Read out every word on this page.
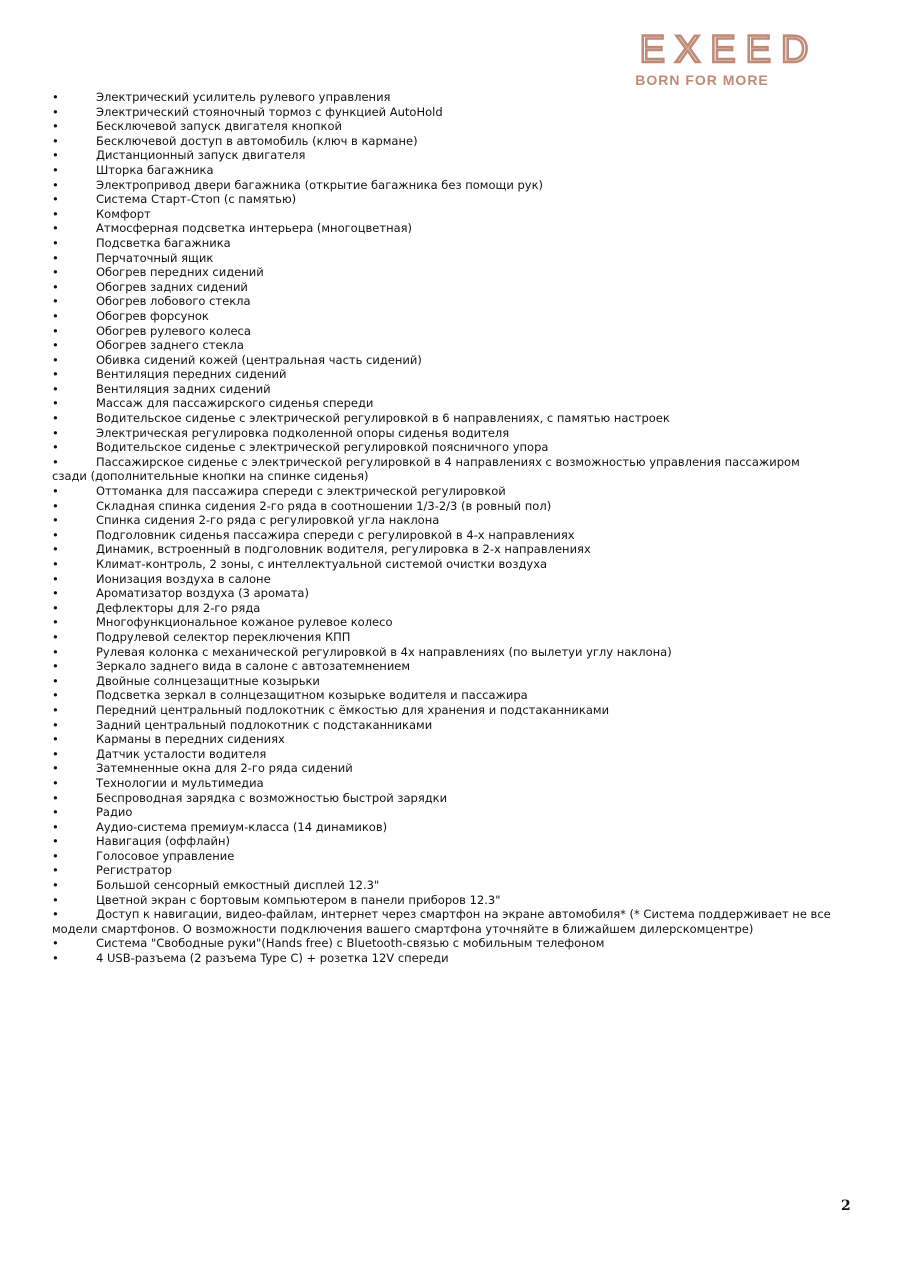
EXEED
BORN FOR MORE
•	Электрический усилитель рулевого управления
•	Электрический стояночный тормоз с функцией AutoHold
•	Бесключевой запуск двигателя кнопкой
•	Бесключевой доступ в автомобиль (ключ в кармане)
•	Дистанционный запуск двигателя
•	Шторка багажника
•	Электропривод двери багажника (открытие багажника без помощи рук)
•	Система Старт-Стоп (с памятью)
•	Комфорт
•	Атмосферная подсветка интерьера (многоцветная)
•	Подсветка багажника
•	Перчаточный ящик
•	Обогрев передних сидений
•	Обогрев задних сидений
•	Обогрев лобового стекла
•	Обогрев форсунок
•	Обогрев рулевого колеса
•	Обогрев заднего стекла
•	Обивка сидений кожей (центральная часть сидений)
•	Вентиляция передних сидений
•	Вентиляция задних сидений
•	Массаж для пассажирского сиденья спереди
•	Водительское сиденье с электрической регулировкой в 6 направлениях, с памятью настроек
•	Электрическая регулировка подколенной опоры сиденья водителя
•	Водительское сиденье с электрической регулировкой поясничного упора
•	Пассажирское сиденье с электрической регулировкой в 4 направлениях с возможностью управления пассажиром сзади (дополнительные кнопки на спинке сиденья)
•	Оттоманка для пассажира спереди с электрической регулировкой
•	Складная спинка сидения 2-го ряда в соотношении 1/3-2/3 (в ровный пол)
•	Спинка сидения 2-го ряда с регулировкой угла наклона
•	Подголовник сиденья пассажира спереди с регулировкой в 4-х направлениях
•	Динамик, встроенный в подголовник водителя, регулировка в 2-х направлениях
•	Климат-контроль, 2 зоны, с интеллектуальной системой очистки воздуха
•	Ионизация воздуха в салоне
•	Ароматизатор воздуха (3 аромата)
•	Дефлекторы для 2-го ряда
•	Многофункциональное кожаное рулевое колесо
•	Подрулевой селектор переключения КПП
•	Рулевая колонка с механической регулировкой в 4х направлениях (по вылетуи углу наклона)
•	Зеркало заднего вида в салоне с автозатемнением
•	Двойные солнцезащитные козырьки
•	Подсветка зеркал в солнцезащитном козырьке водителя и пассажира
•	Передний центральный подлокотник с ёмкостью для хранения и подстаканниками
•	Задний центральный подлокотник с подстаканниками
•	Карманы в передних сидениях
•	Датчик усталости водителя
•	Затемненные окна для 2-го ряда сидений
•	Технологии и мультимедиа
•	Беспроводная зарядка с возможностью быстрой зарядки
•	Радио
•	Аудио-система премиум-класса (14 динамиков)
•	Навигация (оффлайн)
•	Голосовое управление
•	Регистратор
•	Большой сенсорный емкостный дисплей 12.3"
•	Цветной экран с бортовым компьютером в панели приборов 12.3"
•	Доступ к навигации, видео-файлам, интернет через смартфон на экране автомобиля* (* Система поддерживает не все модели смартфонов. О возможности подключения вашего смартфона уточняйте в ближайшем дилерскомцентре)
•	Система "Свободные руки"(Hands free) с Bluetooth-связью с мобильным телефоном
•	4 USB-разъема (2 разъема Type C) + розетка 12V спереди
2
